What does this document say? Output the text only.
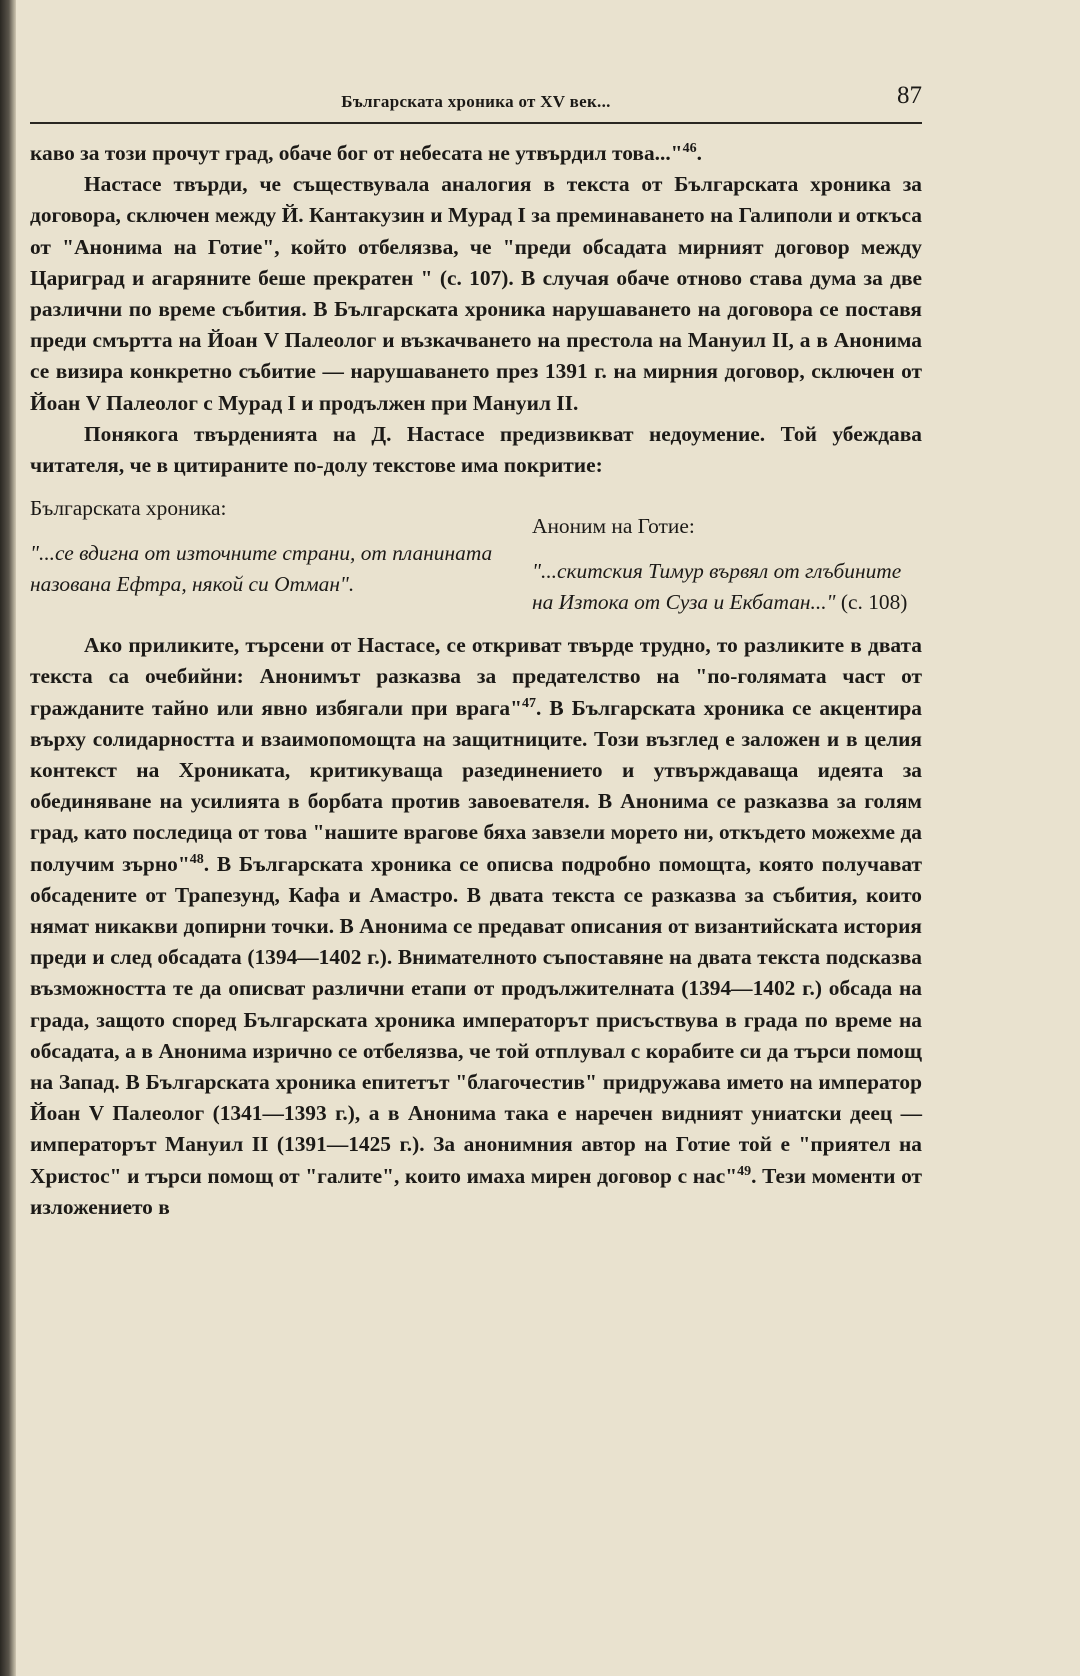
Българската хроника от XV век...	87

каво за този прочут град, обаче бог от небесата не утвърдил това..."$^{46}$.

Настасе твърди, че съществувала аналогия в текста от Българската хроника за договора, сключен между Й. Кантакузин и Мурад I за преминаването на Галиполи и откъса от "Анонима на Готие", който отбелязва, че "преди обсадата мирният договор между Цариград и агаряните беше прекратен " (с. 107). В случая обаче отново става дума за две различни по време събития. В Българската хроника нарушаването на договора се поставя преди смъртта на Йоан V Палеолог и възкачването на престола на Мануил II, а в Анонима се визира конкретно събитие — нарушаването през 1391 г. на мирния договор, сключен от Йоан V Палеолог с Мурад I и продължен при Мануил II.

Понякога твърденията на Д. Настасе предизвикват недоумение. Той убеждава читателя, че в цитираните по-долу текстове има покритие:

Българската хроника:
"...се вдигна от източните страни, от планината назована Ефтра, някой си Отман".
Аноним на Готие:
"...скитския Тимур вървял от глъбините на Изтока от Суза и Екбатан..." (с. 108)

Ако приликите, търсени от Настасе, се откриват твърде трудно, то разликите в двата текста са очебийни: Анонимът разказва за предателство на "по-голямата част от гражданите тайно или явно избягали при врага"$^{47}$. В Българската хроника се акцентира върху солидарността и взаимопомощта на защитниците. Този възглед е заложен и в целия контекст на Хрониката, критикуваща разединението и утвърждаваща идеята за обединяване на усилията в борбата против завоевателя. В Анонима се разказва за голям град, като последица от това "нашите врагове бяха завзели морето ни, откъдето можехме да получим зърно"$^{48}$. В Българската хроника се описва подробно помощта, която получават обсадените от Трапезунд, Кафа и Амастро. В двата текста се разказва за събития, които нямат никакви допирни точки. В Анонима се предават описания от византийската история преди и след обсадата (1394—1402 г.). Внимателното съпоставяне на двата текста подсказва възможността те да описват различни етапи от продължителната (1394—1402 г.) обсада на града, защото според Българската хроника императорът присъствува в града по време на обсадата, а в Анонима изрично се отбелязва, че той отплувал с корабите си да търси помощ на Запад. В Българската хроника епитетът "благочестив" придружава името на император Йоан V Палеолог (1341—1393 г.), а в Анонима така е наречен видният униатски деец — императорът Мануил II (1391—1425 г.). За анонимния автор на Готие той е "приятел на Христос" и търси помощ от "галите", които имаха мирен договор с нас"$^{49}$. Тези моменти от изложението в
